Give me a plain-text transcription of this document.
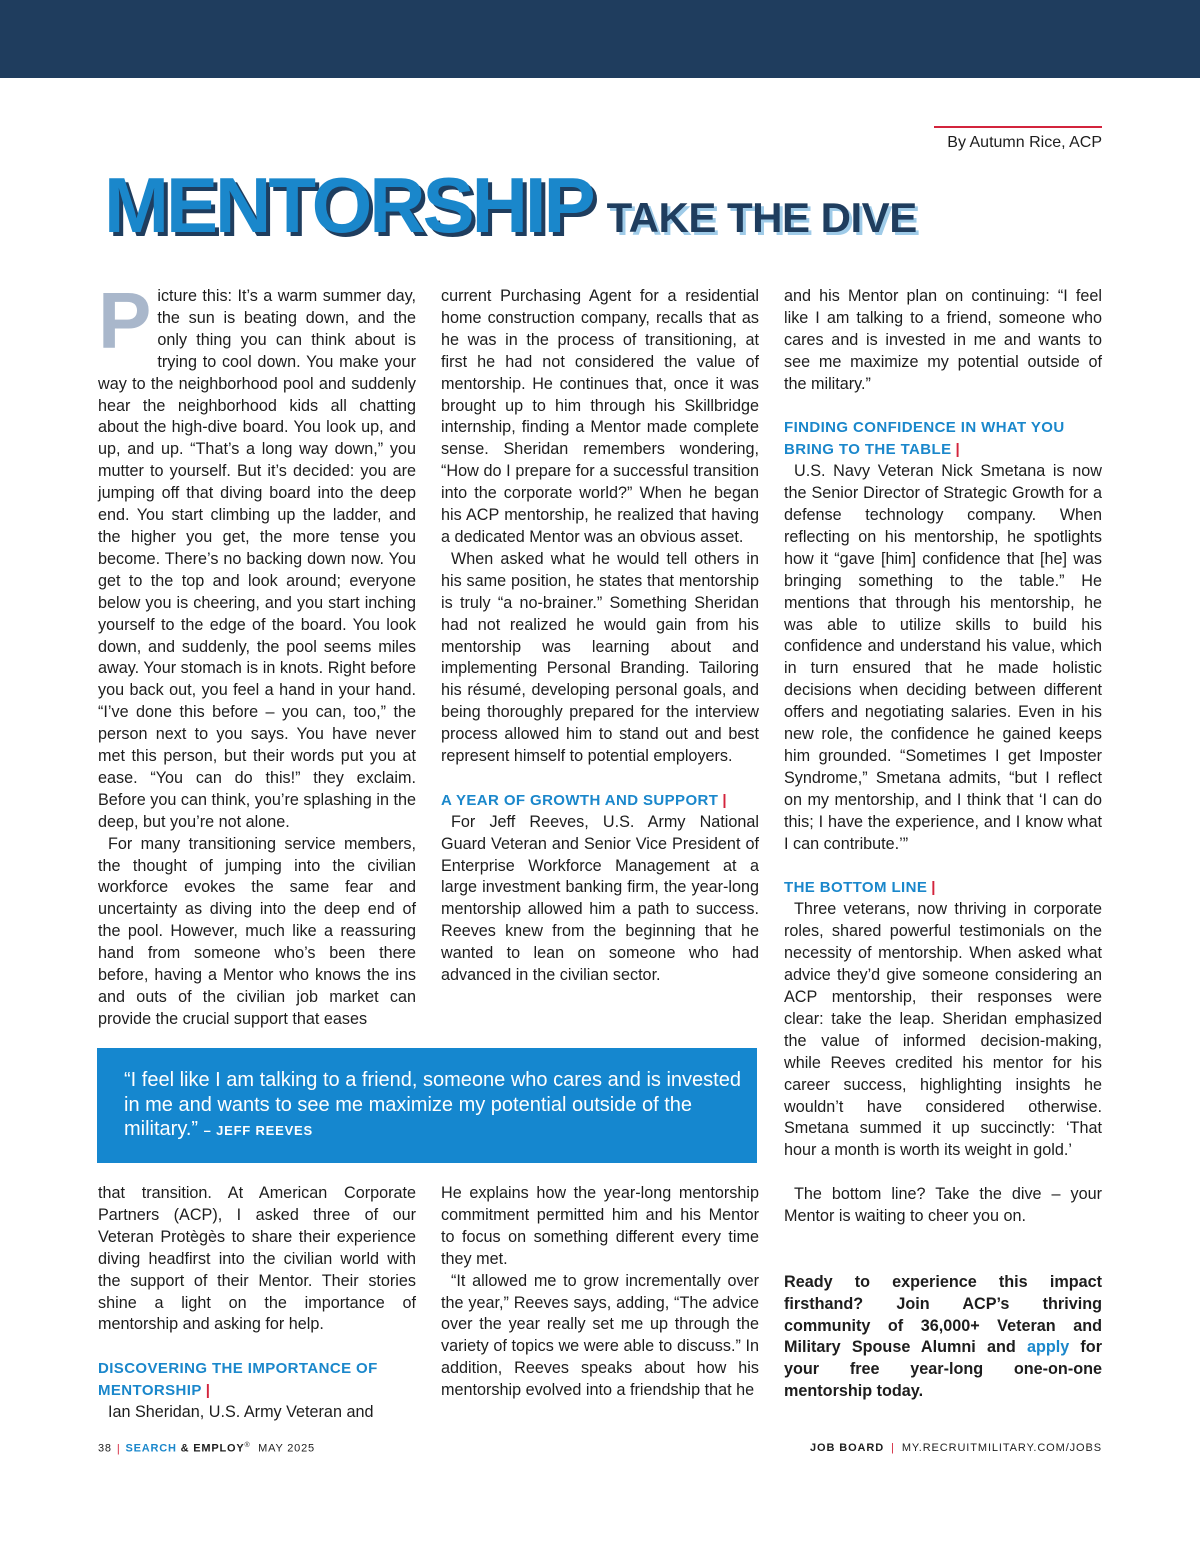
By Autumn Rice, ACP
MENTORSHIP TAKE THE DIVE

Picture this: It’s a warm summer day, the sun is beating down, and the only thing you can think about is trying to cool down. You make your way to the neighborhood pool and suddenly hear the neighborhood kids all chatting about the high-dive board. You look up, and up, and up. “That’s a long way down,” you mutter to yourself. But it’s decided: you are jumping off that diving board into the deep end. You start climbing up the ladder, and the higher you get, the more tense you become. There’s no backing down now. You get to the top and look around; everyone below you is cheering, and you start inching yourself to the edge of the board. You look down, and suddenly, the pool seems miles away. Your stomach is in knots. Right before you back out, you feel a hand in your hand. “I’ve done this before – you can, too,” the person next to you says. You have never met this person, but their words put you at ease. “You can do this!” they exclaim. Before you can think, you’re splashing in the deep, but you’re not alone.

For many transitioning service members, the thought of jumping into the civilian workforce evokes the same fear and uncertainty as diving into the deep end of the pool. However, much like a reassuring hand from someone who’s been there before, having a Mentor who knows the ins and outs of the civilian job market can provide the crucial support that eases

current Purchasing Agent for a residential home construction company, recalls that as he was in the process of transitioning, at first he had not considered the value of mentorship. He continues that, once it was brought up to him through his Skillbridge internship, finding a Mentor made complete sense. Sheridan remembers wondering, “How do I prepare for a successful transition into the corporate world?” When he began his ACP mentorship, he realized that having a dedicated Mentor was an obvious asset.

When asked what he would tell others in his same position, he states that mentorship is truly “a no-brainer.” Something Sheridan had not realized he would gain from his mentorship was learning about and implementing Personal Branding. Tailoring his résumé, developing personal goals, and being thoroughly prepared for the interview process allowed him to stand out and best represent himself to potential employers.

A YEAR OF GROWTH AND SUPPORT |

For Jeff Reeves, U.S. Army National Guard Veteran and Senior Vice President of Enterprise Workforce Management at a large investment banking firm, the year-long mentorship allowed him a path to success. Reeves knew from the beginning that he wanted to lean on someone who had advanced in the civilian sector.

“I feel like I am talking to a friend, someone who cares and is invested in me and wants to see me maximize my potential outside of the military.” – JEFF REEVES

that transition. At American Corporate Partners (ACP), I asked three of our Veteran Protègès to share their experience diving headfirst into the civilian world with the support of their Mentor. Their stories shine a light on the importance of mentorship and asking for help.

DISCOVERING THE IMPORTANCE OF MENTORSHIP |

Ian Sheridan, U.S. Army Veteran and

He explains how the year-long mentorship commitment permitted him and his Mentor to focus on something different every time they met.

“It allowed me to grow incrementally over the year,” Reeves says, adding, “The advice over the year really set me up through the variety of topics we were able to discuss.” In addition, Reeves speaks about how his mentorship evolved into a friendship that he

and his Mentor plan on continuing: “I feel like I am talking to a friend, someone who cares and is invested in me and wants to see me maximize my potential outside of the military.”

FINDING CONFIDENCE IN WHAT YOU BRING TO THE TABLE |

U.S. Navy Veteran Nick Smetana is now the Senior Director of Strategic Growth for a defense technology company. When reflecting on his mentorship, he spotlights how it “gave [him] confidence that [he] was bringing something to the table.” He mentions that through his mentorship, he was able to utilize skills to build his confidence and understand his value, which in turn ensured that he made holistic decisions when deciding between different offers and negotiating salaries. Even in his new role, the confidence he gained keeps him grounded. “Sometimes I get Imposter Syndrome,” Smetana admits, “but I reflect on my mentorship, and I think that ‘I can do this; I have the experience, and I know what I can contribute.’”

THE BOTTOM LINE |

Three veterans, now thriving in corporate roles, shared powerful testimonials on the necessity of mentorship. When asked what advice they’d give someone considering an ACP mentorship, their responses were clear: take the leap. Sheridan emphasized the value of informed decision-making, while Reeves credited his mentor for his career success, highlighting insights he wouldn’t have considered otherwise. Smetana summed it up succinctly: ‘That hour a month is worth its weight in gold.’

The bottom line? Take the dive – your Mentor is waiting to cheer you on.

Ready to experience this impact firsthand? Join ACP’s thriving community of 36,000+ Veteran and Military Spouse Alumni and apply for your free year-long one-on-one mentorship today.

38 | SEARCH & EMPLOY® MAY 2025	JOB BOARD | MY.RECRUITMILITARY.COM/JOBS
